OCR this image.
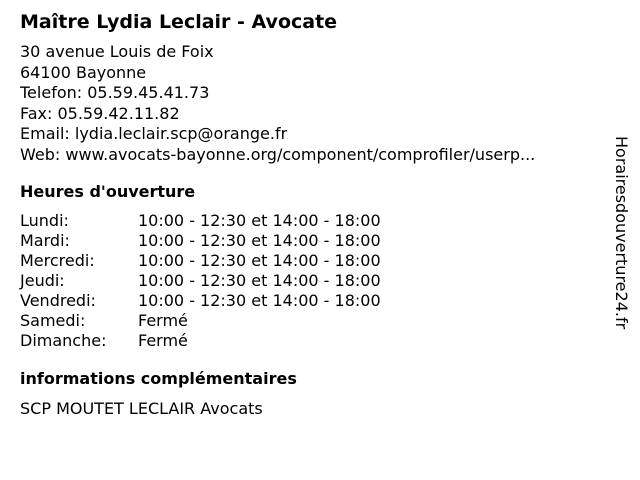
Maître Lydia Leclair - Avocate
30 avenue Louis de Foix
64100 Bayonne
Telefon: 05.59.45.41.73
Fax: 05.59.42.11.82
Email: lydia.leclair.scp@orange.fr
Web: www.avocats-bayonne.org/component/comprofiler/userp...
Heures d'ouverture
Lundi:	10:00 - 12:30 et 14:00 - 18:00
Mardi:	10:00 - 12:30 et 14:00 - 18:00
Mercredi:	10:00 - 12:30 et 14:00 - 18:00
Jeudi:	10:00 - 12:30 et 14:00 - 18:00
Vendredi:	10:00 - 12:30 et 14:00 - 18:00
Samedi:	Fermé
Dimanche:	Fermé
informations complémentaires
SCP MOUTET LECLAIR Avocats
Horairesdouverture24.fr
